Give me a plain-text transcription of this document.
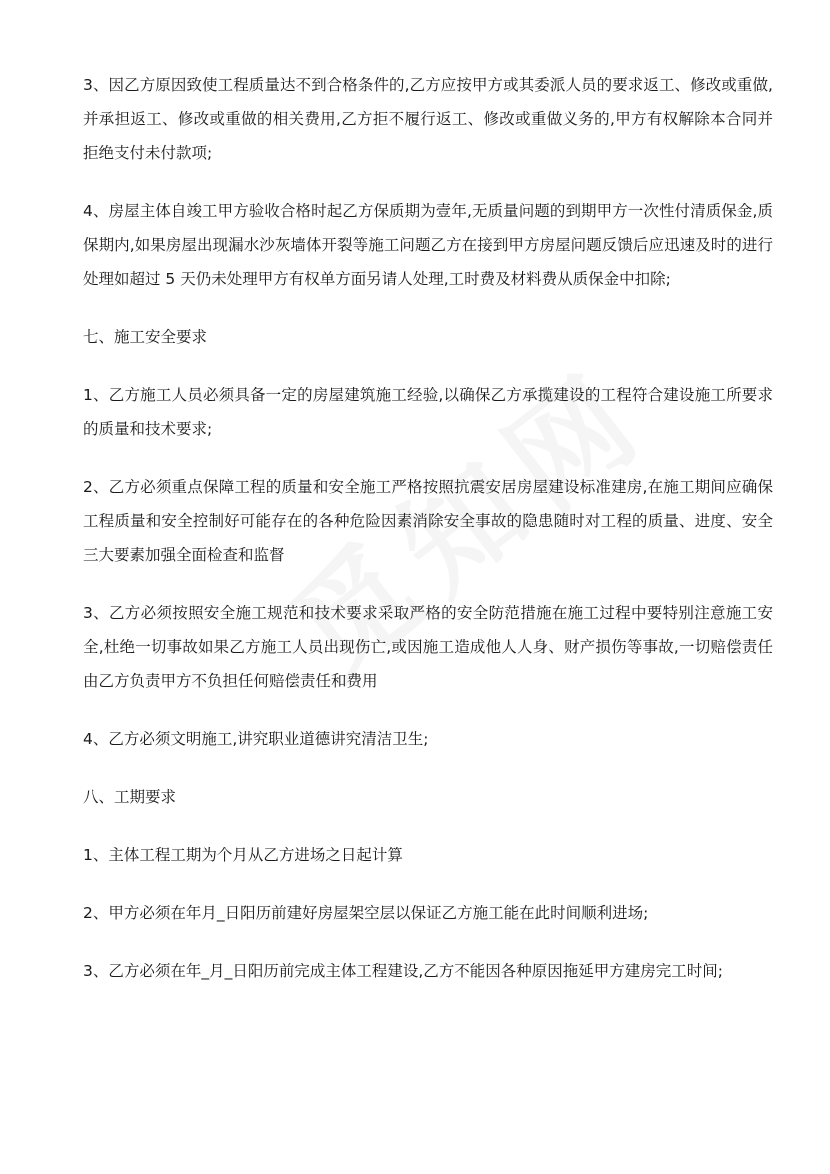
3、因乙方原因致使工程质量达不到合格条件的,乙方应按甲方或其委派人员的要求返工、修改或重做,并承担返工、修改或重做的相关费用,乙方拒不履行返工、修改或重做义务的,甲方有权解除本合同并拒绝支付未付款项;

4、房屋主体自竣工甲方验收合格时起乙方保质期为壹年,无质量问题的到期甲方一次性付清质保金,质保期内,如果房屋出现漏水沙灰墙体开裂等施工问题乙方在接到甲方房屋问题反馈后应迅速及时的进行处理如超过 5 天仍未处理甲方有权单方面另请人处理,工时费及材料费从质保金中扣除;

七、施工安全要求

1、乙方施工人员必须具备一定的房屋建筑施工经验,以确保乙方承揽建设的工程符合建设施工所要求的质量和技术要求;

2、乙方必须重点保障工程的质量和安全施工严格按照抗震安居房屋建设标准建房,在施工期间应确保工程质量和安全控制好可能存在的各种危险因素消除安全事故的隐患随时对工程的质量、进度、安全三大要素加强全面检查和监督

3、乙方必须按照安全施工规范和技术要求采取严格的安全防范措施在施工过程中要特别注意施工安全,杜绝一切事故如果乙方施工人员出现伤亡,或因施工造成他人人身、财产损伤等事故,一切赔偿责任由乙方负责甲方不负担任何赔偿责任和费用

4、乙方必须文明施工,讲究职业道德讲究清洁卫生;

八、工期要求

1、主体工程工期为个月从乙方进场之日起计算

2、甲方必须在年月_日阳历前建好房屋架空层以保证乙方施工能在此时间顺利进场;

3、乙方必须在年_月_日阳历前完成主体工程建设,乙方不能因各种原因拖延甲方建房完工时间;
